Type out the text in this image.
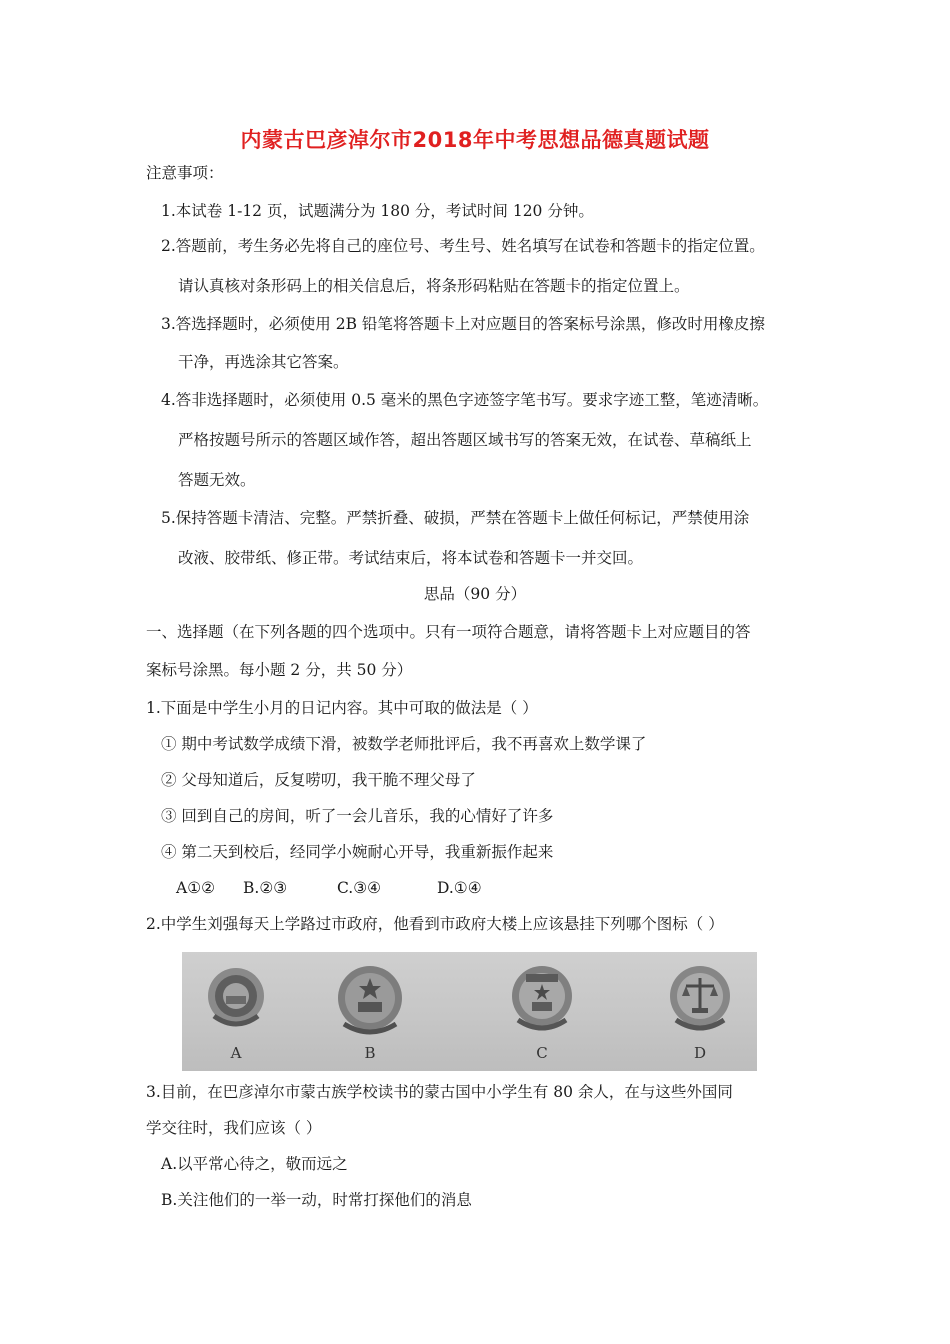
内蒙古巴彦淖尔市2018年中考思想品德真题试题
注意事项：
1.本试卷 1-12 页，试题满分为 180 分，考试时间 120 分钟。
2.答题前，考生务必先将自己的座位号、考生号、姓名填写在试卷和答题卡的指定位置。
请认真核对条形码上的相关信息后，将条形码粘贴在答题卡的指定位置上。
3.答选择题时，必须使用 2B 铅笔将答题卡上对应题目的答案标号涂黑，修改时用橡皮擦
干净，再选涂其它答案。
4.答非选择题时，必须使用 0.5 毫米的黑色字迹签字笔书写。要求字迹工整，笔迹清晰。
严格按题号所示的答题区域作答，超出答题区域书写的答案无效，在试卷、草稿纸上
答题无效。
5.保持答题卡清洁、完整。严禁折叠、破损，严禁在答题卡上做任何标记，严禁使用涂
改液、胶带纸、修正带。考试结束后，将本试卷和答题卡一并交回。
思品（90 分）
一、选择题（在下列各题的四个选项中。只有一项符合题意，请将答题卡上对应题目的答
案标号涂黑。每小题 2 分，共 50 分）
1.下面是中学生小月的日记内容。其中可取的做法是（ ）
① 期中考试数学成绩下滑，被数学老师批评后，我不再喜欢上数学课了
② 父母知道后，反复唠叨，我干脆不理父母了
③ 回到自己的房间，听了一会儿音乐，我的心情好了许多
④ 第二天到校后，经同学小婉耐心开导，我重新振作起来
A①② B.②③	C.③④	D.①④
2.中学生刘强每天上学路过市政府，他看到市政府大楼上应该悬挂下列哪个图标（ ）
A	B	C	D
3.目前，在巴彦淖尔市蒙古族学校读书的蒙古国中小学生有 80 余人，在与这些外国同
学交往时，我们应该（ ）
A.以平常心待之，敬而远之
B.关注他们的一举一动，时常打探他们的消息
